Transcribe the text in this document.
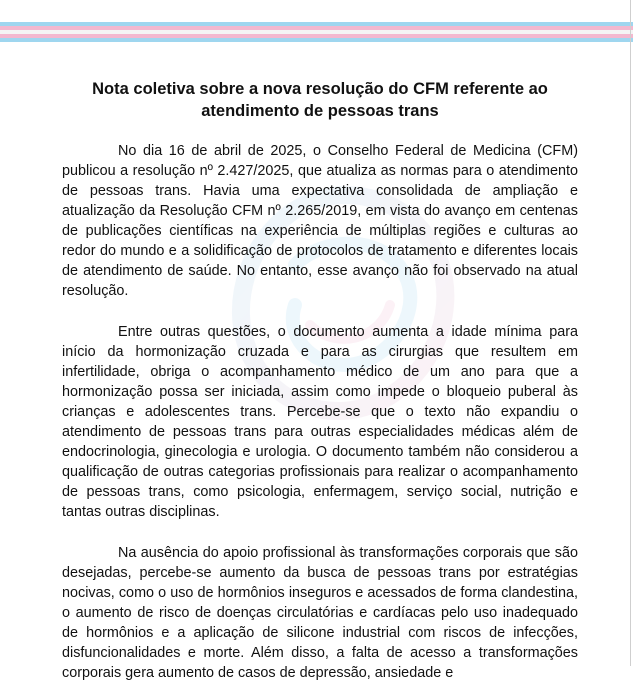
Nota coletiva sobre a nova resolução do CFM referente ao atendimento de pessoas trans

No dia 16 de abril de 2025, o Conselho Federal de Medicina (CFM) publicou a resolução nº 2.427/2025, que atualiza as normas para o atendimento de pessoas trans. Havia uma expectativa consolidada de ampliação e atualização da Resolução CFM nº 2.265/2019, em vista do avanço em centenas de publicações científicas na experiência de múltiplas regiões e culturas ao redor do mundo e a solidificação de protocolos de tratamento e diferentes locais de atendimento de saúde. No entanto, esse avanço não foi observado na atual resolução.

Entre outras questões, o documento aumenta a idade mínima para início da hormonização cruzada e para as cirurgias que resultem em infertilidade, obriga o acompanhamento médico de um ano para que a hormonização possa ser iniciada, assim como impede o bloqueio puberal às crianças e adolescentes trans. Percebe-se que o texto não expandiu o atendimento de pessoas trans para outras especialidades médicas além de endocrinologia, ginecologia e urologia. O documento também não considerou a qualificação de outras categorias profissionais para realizar o acompanhamento de pessoas trans, como psicologia, enfermagem, serviço social, nutrição e tantas outras disciplinas.

Na ausência do apoio profissional às transformações corporais que são desejadas, percebe-se aumento da busca de pessoas trans por estratégias nocivas, como o uso de hormônios inseguros e acessados de forma clandestina, o aumento de risco de doenças circulatórias e cardíacas pelo uso inadequado de hormônios e a aplicação de silicone industrial com riscos de infecções, disfuncionalidades e morte. Além disso, a falta de acesso a transformações corporais gera aumento de casos de depressão, ansiedade e
